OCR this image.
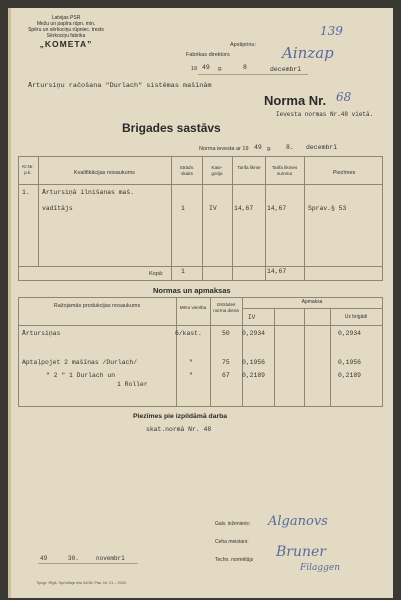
Latvijas PSR
Mežu un papīra rūpn. min.
Spēru un sērkociņu rūpniec. trests
Sērkociņu fabrika
„KOMETA”
139
Apstiprinu:
Fabrikas direktors	Ainzap
19 49 g.	8	decembrī
Ārtursiņu račošana "Durlach" sistēmas mašīnām
Norma Nr. 68
Ievesta normas Nr.48 vietā.
Brigades sastāvs
Norma ievesta ar 19 49 g. 8. decembrī
Kr.Nr. p.k.	Kvalifikācijas nosaukums
Strādn. skaits
Kate-gorija
Tarifa likme	Tarifa likmes summa	Piezīmes
1. Ārtursiņā ilnišanas maš.
vadītājs	1	IV	14,67 14,67	Sprav.§ 53
Kopā:	1	14,67
Normas un apmaksas
Ražojamās produkcijas nosaukums	Mēra vienība
Izstrādes norma dienā
Apmaksa
IV	Uz brigādi
Ārtursiņas	6/kast.	50 0,2934	0,2934
Aptaļpojet 2 mašīnas /Durlach/	"	75 0,1956	0,1956
" 2 " 1 Durlach un
1 Roller
"	67 0,2189	0,2189
Piezīmes pie izpildāmā darba
skat.normā Nr. 48
Galv. inženieris:
Ceha meistars:
Techn. normētājs
Alganovs
Bruner
Filaggen
49	30.	novembrī
Tipogr. Rīgā. Sprīdītaja iela 34/38. Pas. Nr. 21 – 2000.
